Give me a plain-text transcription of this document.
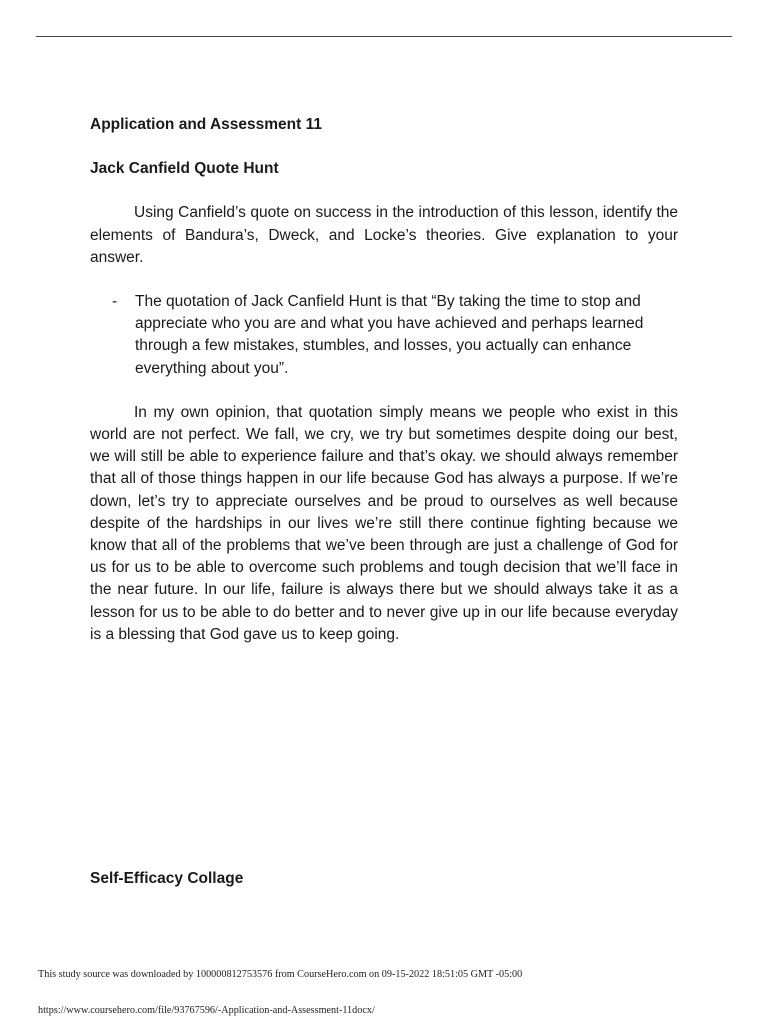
Application and Assessment 11

Jack Canfield Quote Hunt

Using Canfield’s quote on success in the introduction of this lesson, identify the elements of Bandura’s, Dweck, and Locke’s theories. Give explanation to your answer.

- The quotation of Jack Canfield Hunt is that “By taking the time to stop and appreciate who you are and what you have achieved and perhaps learned through a few mistakes, stumbles, and losses, you actually can enhance everything about you”.

In my own opinion, that quotation simply means we people who exist in this world are not perfect. We fall, we cry, we try but sometimes despite doing our best, we will still be able to experience failure and that’s okay. we should always remember that all of those things happen in our life because God has always a purpose. If we’re down, let’s try to appreciate ourselves and be proud to ourselves as well because despite of the hardships in our lives we’re still there continue fighting because we know that all of the problems that we’ve been through are just a challenge of God for us for us to be able to overcome such problems and tough decision that we’ll face in the near future. In our life, failure is always there but we should always take it as a lesson for us to be able to do better and to never give up in our life because everyday is a blessing that God gave us to keep going.

Self-Efficacy Collage

This study source was downloaded by 100000812753576 from CourseHero.com on 09-15-2022 18:51:05 GMT -05:00
https://www.coursehero.com/file/93767596/-Application-and-Assessment-11docx/
